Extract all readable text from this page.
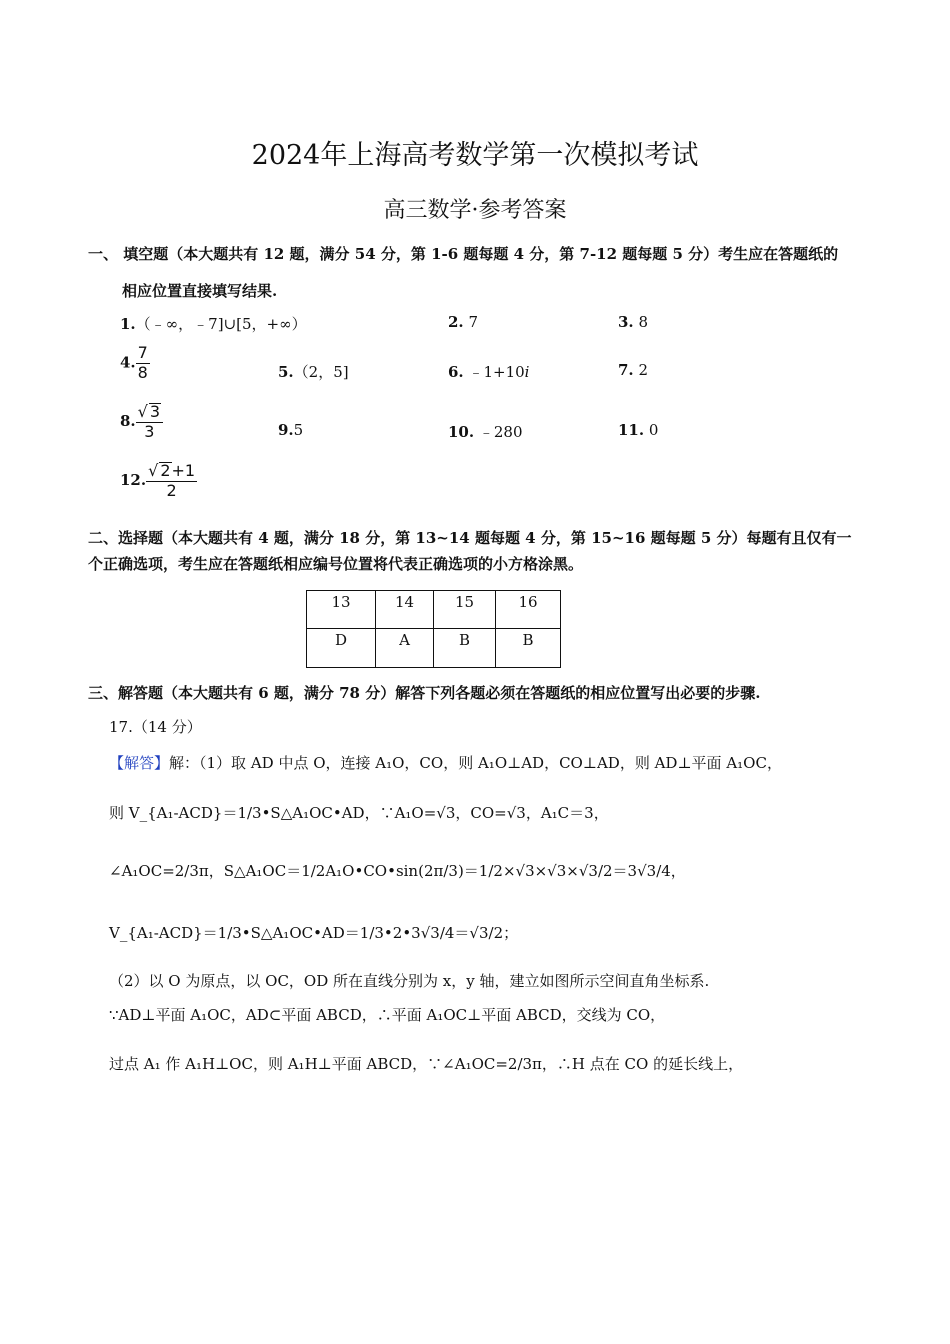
2024年上海高考数学第一次模拟考试
高三数学·参考答案
一、 填空题（本大题共有 12 题，满分 54 分，第 1-6 题每题 4 分，第 7-12 题每题 5 分）考生应在答题纸的
相应位置直接填写结果.
1.（﹣∞，﹣7]∪[5，+∞）	2. 7	3. 8
4. $\frac{7}{8}$	5.（2，5]	6. ﹣1+10i	7. 2
8. $\frac{√ 3}{3}$	9.5	10. ﹣280	11. 0
12. $\frac{√ 2+1}{2}$
二、选择题（本大题共有 4 题，满分 18 分，第 13~14 题每题 4 分，第 15~16 题每题 5 分）每题有且仅有一
个正确选项，考生应在答题纸相应编号位置将代表正确选项的小方格涂黑。
13	14	15	16
D	A	B	B
三、解答题（本大题共有 6 题，满分 78 分）解答下列各题必须在答题纸的相应位置写出必要的步骤.
17.（14 分）
【解答】解：（1）取 AD 中点 O，连接 A₁O，CO，则 A₁O⊥AD，CO⊥AD，则 AD⊥平面 A₁OC，
则 V_{A₁-ACD}＝1/3•S△A₁OC•AD，∵A₁O=√3，CO=√3，A₁C＝3，
∠A₁OC=2/3π，S△A₁OC＝1/2A₁O•CO•sin(2π/3)＝1/2×√3×√3×√3/2＝3√3/4，
V_{A₁-ACD}＝1/3•S△A₁OC•AD＝1/3•2•3√3/4＝√3/2；
（2）以 O 为原点，以 OC，OD 所在直线分别为 x，y 轴，建立如图所示空间直角坐标系.
∵AD⊥平面 A₁OC，AD⊂平面 ABCD，∴平面 A₁OC⊥平面 ABCD，交线为 CO，
过点 A₁ 作 A₁H⊥OC，则 A₁H⊥平面 ABCD，∵∠A₁OC=2/3π，∴H 点在 CO 的延长线上，
